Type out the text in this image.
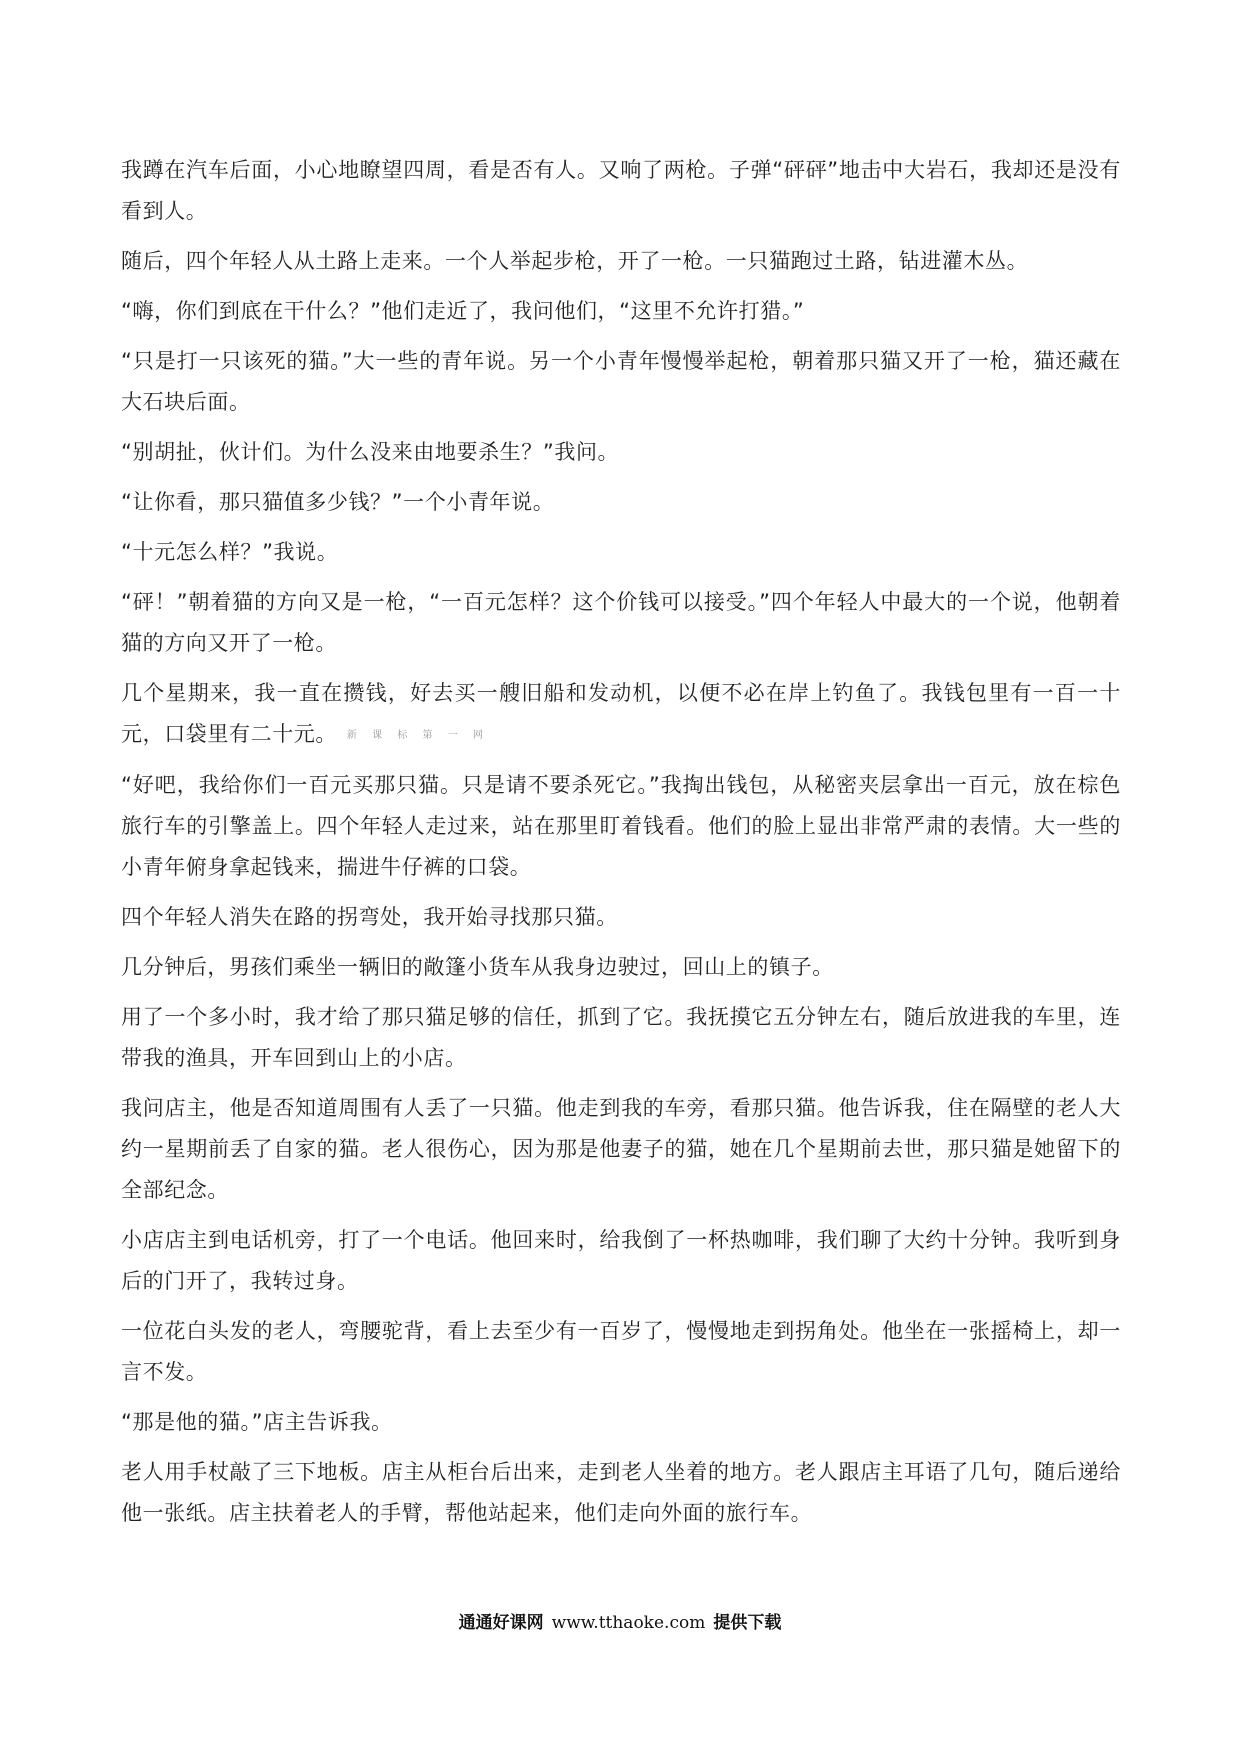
我蹲在汽车后面，小心地瞭望四周，看是否有人。又响了两枪。子弹“砰砰”地击中大岩石，我却还是没有看到人。

随后，四个年轻人从土路上走来。一个人举起步枪，开了一枪。一只猫跑过土路，钻进灌木丛。

“嗨，你们到底在干什么？”他们走近了，我问他们，“这里不允许打猎。”

“只是打一只该死的猫。”大一些的青年说。另一个小青年慢慢举起枪，朝着那只猫又开了一枪，猫还藏在大石块后面。

“别胡扯，伙计们。为什么没来由地要杀生？”我问。

“让你看，那只猫值多少钱？”一个小青年说。

“十元怎么样？”我说。

“砰！”朝着猫的方向又是一枪，“一百元怎样？这个价钱可以接受。”四个年轻人中最大的一个说，他朝着猫的方向又开了一枪。

几个星期来，我一直在攒钱，好去买一艘旧船和发动机，以便不必在岸上钓鱼了。我钱包里有一百一十元，口袋里有二十元。 新 课 标 第 一 网

“好吧，我给你们一百元买那只猫。只是请不要杀死它。”我掏出钱包，从秘密夹层拿出一百元，放在棕色旅行车的引擎盖上。四个年轻人走过来，站在那里盯着钱看。他们的脸上显出非常严肃的表情。大一些的小青年俯身拿起钱来，揣进牛仔裤的口袋。

四个年轻人消失在路的拐弯处，我开始寻找那只猫。

几分钟后，男孩们乘坐一辆旧的敞篷小货车从我身边驶过，回山上的镇子。

用了一个多小时，我才给了那只猫足够的信任，抓到了它。我抚摸它五分钟左右，随后放进我的车里，连带我的渔具，开车回到山上的小店。

我问店主，他是否知道周围有人丢了一只猫。他走到我的车旁，看那只猫。他告诉我，住在隔壁的老人大约一星期前丢了自家的猫。老人很伤心，因为那是他妻子的猫，她在几个星期前去世，那只猫是她留下的全部纪念。

小店店主到电话机旁，打了一个电话。他回来时，给我倒了一杯热咖啡，我们聊了大约十分钟。我听到身后的门开了，我转过身。

一位花白头发的老人，弯腰驼背，看上去至少有一百岁了，慢慢地走到拐角处。他坐在一张摇椅上，却一言不发。

“那是他的猫。”店主告诉我。

老人用手杖敲了三下地板。店主从柜台后出来，走到老人坐着的地方。老人跟店主耳语了几句，随后递给他一张纸。店主扶着老人的手臂，帮他站起来，他们走向外面的旅行车。

通通好课网 www.tthaoke.com 提供下载
